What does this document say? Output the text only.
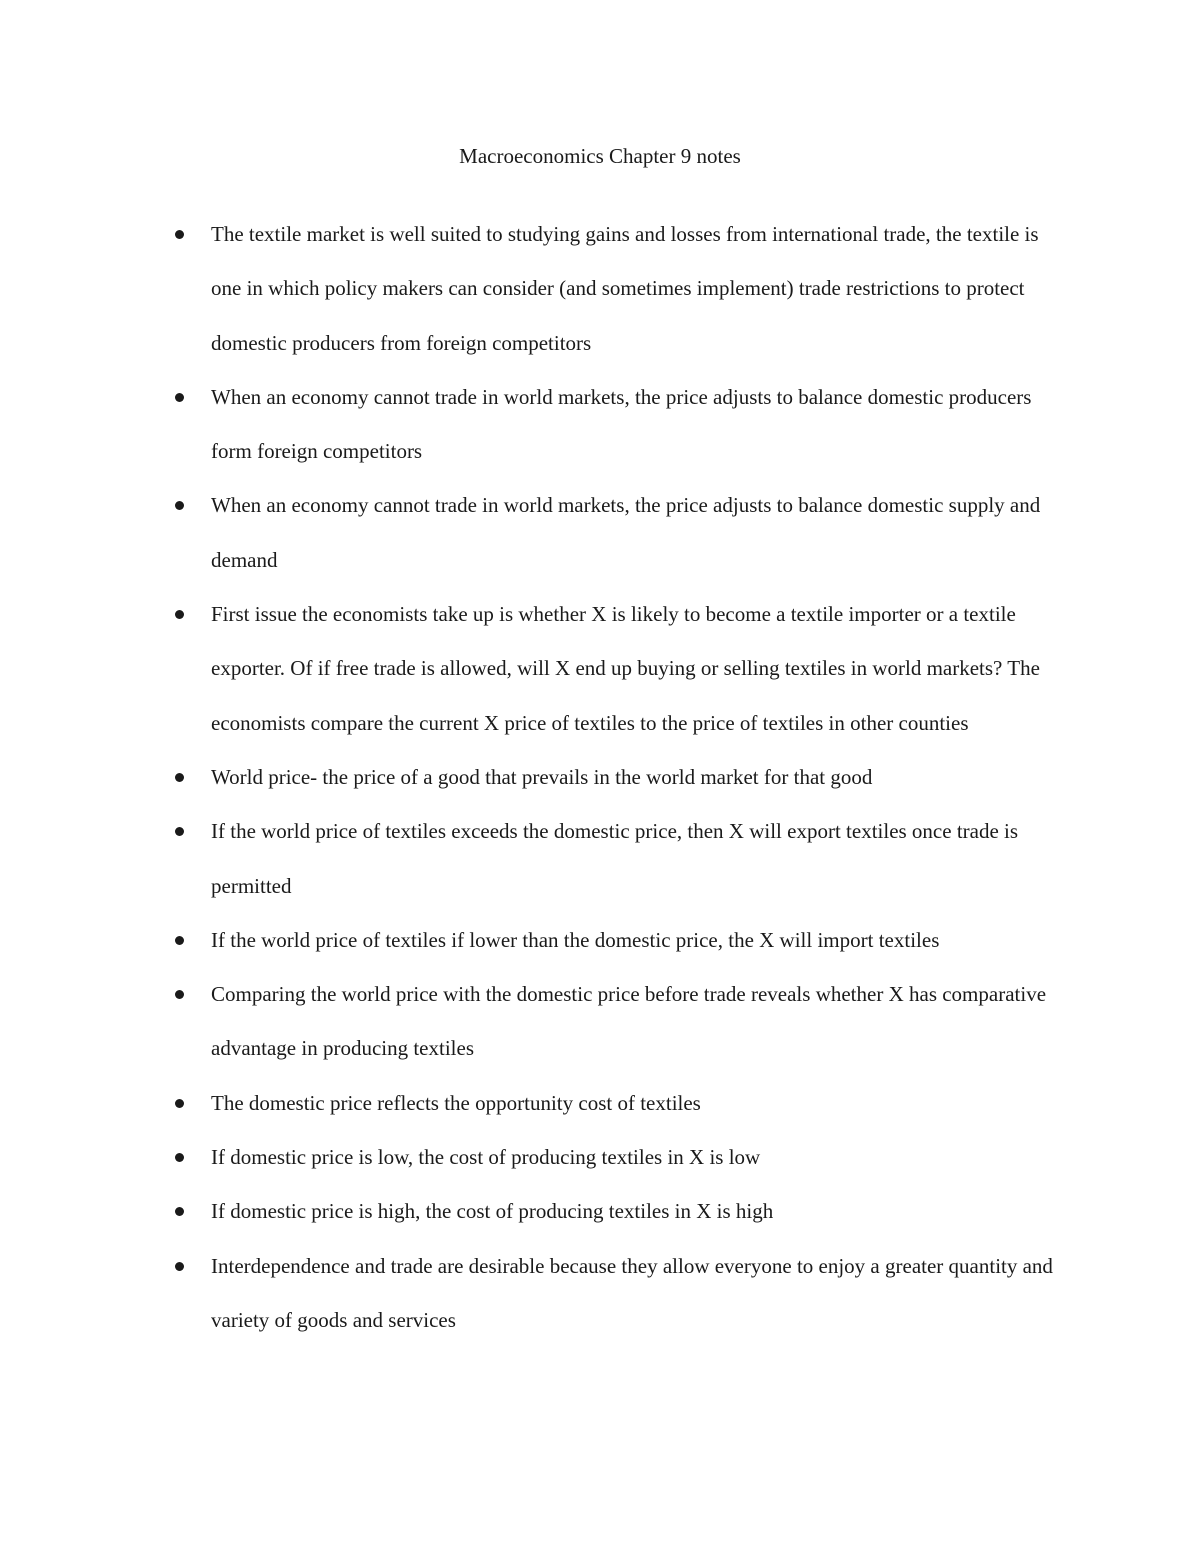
Macroeconomics Chapter 9 notes
The textile market is well suited to studying gains and losses from international trade, the textile is one in which policy makers can consider (and sometimes implement) trade restrictions to protect domestic producers from foreign competitors
When an economy cannot trade in world markets, the price adjusts to balance domestic producers form foreign competitors
When an economy cannot trade in world markets, the price adjusts to balance domestic supply and demand
First issue the economists take up is whether X is likely to become a textile importer or a textile exporter. Of if free trade is allowed, will X end up buying or selling textiles in world markets? The economists compare the current X price of textiles to the price of textiles in other counties
World price- the price of a good that prevails in the world market for that good
If the world price of textiles exceeds the domestic price, then X will export textiles once trade is permitted
If the world price of textiles if lower than the domestic price, the X will import textiles
Comparing the world price with the domestic price before trade reveals whether X has comparative advantage in producing textiles
The domestic price reflects the opportunity cost of textiles
If domestic price is low, the cost of producing textiles in X is low
If domestic price is high, the cost of producing textiles in X is high
Interdependence and trade are desirable because they allow everyone to enjoy a greater quantity and variety of goods and services
